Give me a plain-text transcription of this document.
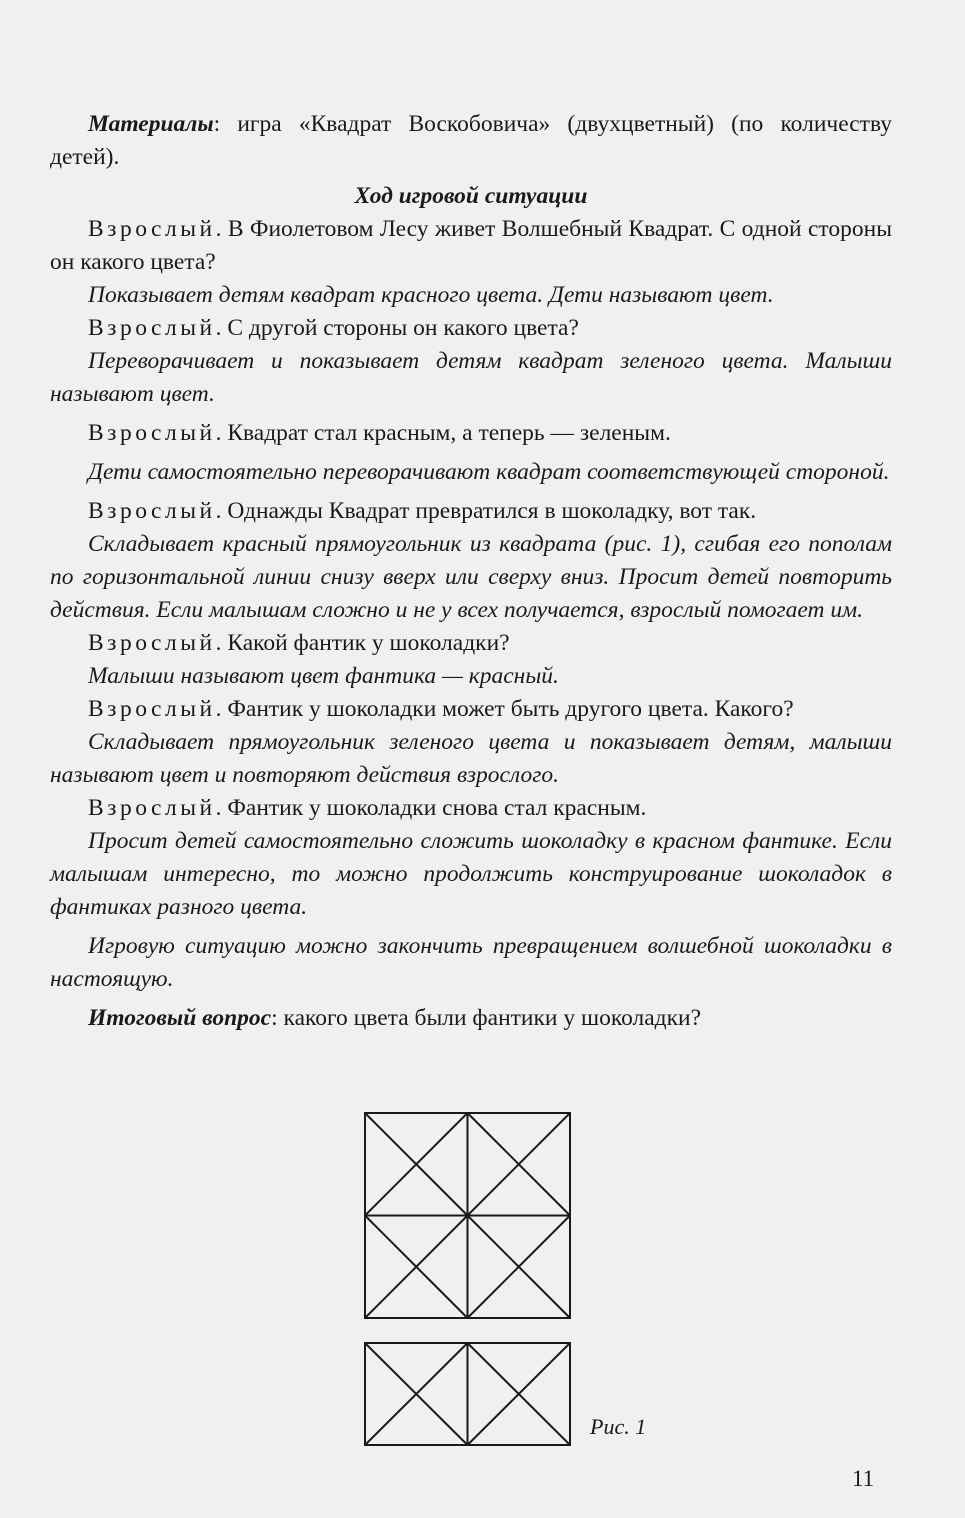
Материалы: игра «Квадрат Воскобовича» (двухцветный) (по количеству детей).

Ход игровой ситуации

Взрослый. В Фиолетовом Лесу живет Волшебный Квадрат. С одной стороны он какого цвета?

Показывает детям квадрат красного цвета. Дети называют цвет.

Взрослый. С другой стороны он какого цвета?

Переворачивает и показывает детям квадрат зеленого цвета. Малыши называют цвет.

Взрослый. Квадрат стал красным, а теперь — зеленым.

Дети самостоятельно переворачивают квадрат соответствующей стороной.

Взрослый. Однажды Квадрат превратился в шоколадку, вот так.

Складывает красный прямоугольник из квадрата (рис. 1), сгибая его пополам по горизонтальной линии снизу вверх или сверху вниз. Просит детей повторить действия. Если малышам сложно и не у всех получается, взрослый помогает им.

Взрослый. Какой фантик у шоколадки?

Малыши называют цвет фантика — красный.

Взрослый. Фантик у шоколадки может быть другого цвета. Какого?

Складывает прямоугольник зеленого цвета и показывает детям, малыши называют цвет и повторяют действия взрослого.

Взрослый. Фантик у шоколадки снова стал красным.

Просит детей самостоятельно сложить шоколадку в красном фантике. Если малышам интересно, то можно продолжить конструирование шоколадок в фантиках разного цвета.

Игровую ситуацию можно закончить превращением волшебной шоколадки в настоящую.

Итоговый вопрос: какого цвета были фантики у шоколадки?

Рис. 1
11
